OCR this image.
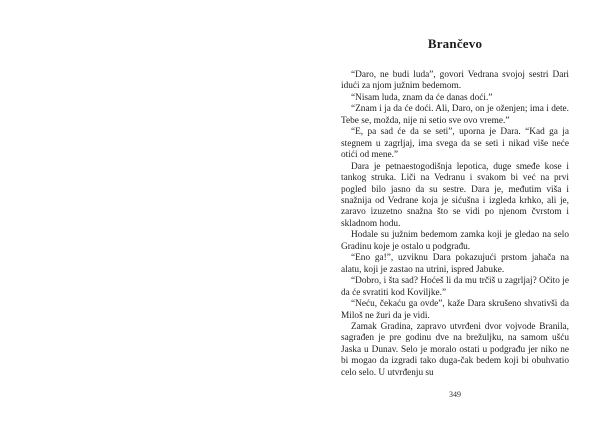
Brančevo

“Daro, ne budi luda”, govori Vedrana svojoj sestri Dari idući za njom južnim bedemom.

“Nisam luda, znam da će danas doći.”

“Znam i ja da će doći. Ali, Daro, on je oženjen; ima i dete. Tebe se, možda, nije ni setio sve ovo vreme.”

“E, pa sad će da se seti”, uporna je Dara. “Kad ga ja stegnem u zagrljaj, ima svega da se seti i nikad više neće otići od mene.”

Dara je petnaestogodišnja lepotica, duge smeđe kose i tankog struka. Liči na Vedranu i svakom bi već na prvi pogled bilo jasno da su sestre. Dara je, međutim viša i snažnija od Vedrane koja je sićušna i izgleda krhko, ali je, zaravo izuzetno snažna što se vidi po njenom čvrstom i skladnom hodu.

Hodale su južnim bedemom zamka koji je gledao na selo Gradinu koje je ostalo u podgrađu.

“Eno ga!”, uzviknu Dara pokazujući prstom jahača na alatu, koji je zastao na utrini, ispred Jabuke.

“Dobro, i šta sad? Hoćeš li da mu trčiš u zagrljaj? Očito je da će svratiti kod Koviljke.”

“Neću, čekaću ga ovde”, kaže Dara skrušeno shvativši da Miloš ne žuri da je vidi.

Zamak Gradina, zapravo utvrđeni dvor vojvode Branila, sagrađen je pre godinu dve na brežuljku, na samom ušću Jaska u Dunav. Selo je moralo ostati u podgrađu jer niko ne bi mogao da izgradi tako duga-čak bedem koji bi obuhvatio celo selo. U utvrđenju su

349
